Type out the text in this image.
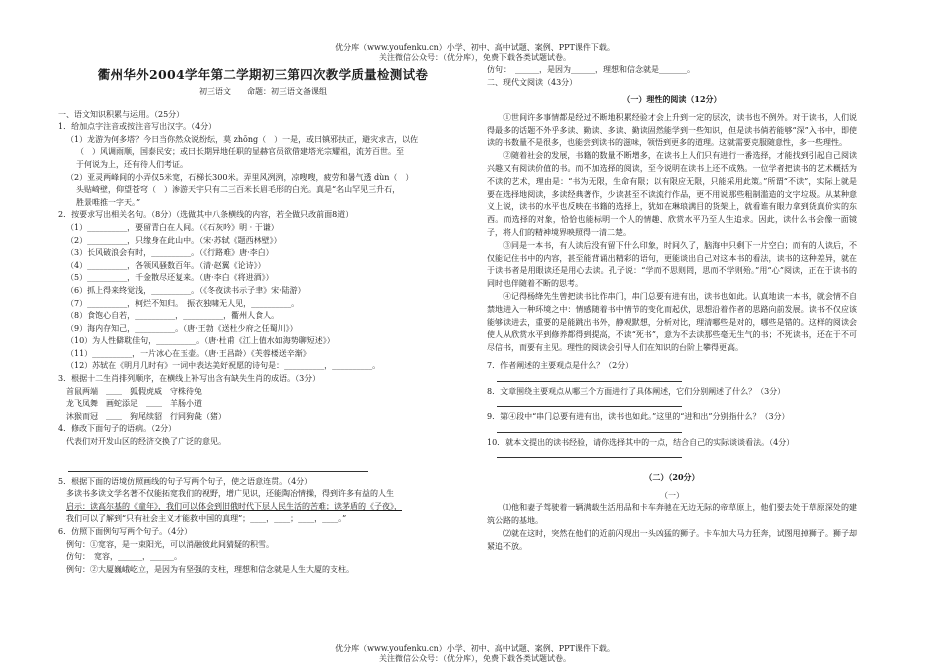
优分库（www.youfenku.cn）小学、初中、高中试题、案例、PPT课件下载。
关注微信公众号：（优分库），免费下载各类试题试卷。
衢州华外2004学年第二学期初三第四次教学质量检测试卷
初三语文　　命题：初三语文备课组
一、语文知识积累与运用。（25分）
1．给加点字注音或按注音写出汉字。（4分）
（1）龙游为何多塔？今日当你然众说纷纭，莫 zhōng（　）一是，或曰镇邪扶正，避灾求吉，以佐
（　）风调雨顺，国泰民安；或曰长期异地任职的显赫官员欲借建塔光宗耀祖，流芳百世。至
于何说为上，还有待人们考证。
（2）亚灵两峰间的小弄仅5米宽，石梯长300米。弄里风冽洌，凉嗖嗖，疲劳和暑气透 dùn（　）
头贴崎壁，仰望苍穹（　）渗游天宇只有二三百米长眉毛形的白光。真是“名山罕见三升石，
胜景唯推一字天。”
2．按要求写出相关名句。（8分）（选做其中八条横线的内容，若全做只改前面8道）
（1）__________，要留青白在人间。（《石灰吟》明 · 于谦）
（2）__________，只缘身在此山中。（宋·苏轼《题西林壁》）
（3）长风破浪会有时，__________。（《行路难》唐·李白）
（4）__________，各领风骚数百年。（清·赵翼《论诗》）
（5）__________，千金散尽还复来。（唐·李白《将进酒》）
（6）抓上得来终觉浅，__________。（《冬夜读书示子聿》宋·陆游）
（7）__________，柯烂不知归。　振衣独啸无人见，__________。
（8）食饱心自若，__________，__________，衢州人食人。
（9）海内存知己，__________。（唐·王勃《送杜少府之任蜀川》）
（10）为人性僻耽佳句，__________。（唐·杜甫《江上值水如海势聊短述》）
（11）__________，一片冰心在玉壶。（唐·王昌龄）《芙蓉楼送辛渐》
（12）苏轼在《明月几时有》一词中表达美好祝愿的诗句是：__________，__________。
3．根据十二生肖排列顺序，在横线上补写出含有缺失生肖的成语。（3分）
首鼠两端　＿＿　狐假虎威　守株待兔
龙飞凤舞　画蛇添足　＿＿　羊肠小道
沐猴而冠　＿＿　狗尾续貂　行同狗彘（猪）
4．修改下面句子的语病。（2分）
代表们对开发山区的经济交换了广泛的意见。
5．根据下面的语境仿照画线的句子写两个句子，使之语意连贯。（4分）
多读书多读文学名著不仅能拓宽我们的视野，增广见识，还能陶冶情操，得到许多有益的人生
启示：读高尔基的《童年》，我们可以体会到旧俄时代下层人民生活的苦难；读茅盾的《子夜》，
我们可以了解到“只有社会主义才能救中国的真理”；____，____；____，____。”
6．仿照下面例句写两个句子。（4分）
例句：①宽容，是一束阳光，可以消融彼此间猜疑的积雪。
仿句：　宽容，______，______。
例句：②大厦巍峨屹立，是因为有坚强的支柱，理想和信念就是人生大厦的支柱。
仿句：　______，是因为______，理想和信念就是_______。
二、现代文阅读（43分）
（一）理性的阅读（12分）
①世间许多事情都是经过不断地积累经验才会上升到一定的层次，读书也不例外。对于读书，人们说得最多的话题不外乎多读、勤读、多读、勤读固然能学到一些知识，但是读书倘若能够“深”入书中，即使读的书数量不是很多，也能尝到读书的滋味，领悟到更多的道理。这就需要克服随意性，多一些理性。
②随着社会的发展，书籍的数量不断增多，在读书上人们只有进行一番选择，才能找到引起自己阅读兴趣又有阅读价值的书。而不加选择的阅读，至今说明在读书上还不成熟。一位学者把读书的艺术概括为不读的艺术，理由是：“书为无限，生命有限；以有限应无限，只能采用此策。”所谓“不读”，实际上就是要在选择地阅读，多读经典著作，少读甚至不读流行作品，更不用说那些粗制滥造的文字垃圾。从某种意义上说，读书的水平也反映在书籍的选择上，犹如在琳琅满目的货架上，就看谁有眼力拿到货真价实的东西。而选择的对象，恰恰也能标明一个人的情趣、欣赏水平乃至人生追求。因此，读什么书会像一面镜子，将人们的精神境界映照得一清二楚。
③同是一本书，有人读后没有留下什么印象，时间久了，脑海中只剩下一片空白；而有的人读后，不仅能记住书中的内容，甚至能背诵出精彩的语句，更能谈出自己对这本书的看法，读书的这种差异，就在于读书者是用眼读还是用心去读。孔子说：“学而不思则罔，思而不学则殆。”用“心”阅读，正在于读书的同时也伴随着不断的思考。
④记得杨绛先生曾把读书比作串门，串门总要有进有出，读书也如此。认真地读一本书，就会情不自禁地进入一种环境之中：情感随着书中情节的变化而起伏，思想沿着作者的思路向前发展。读书不仅应该能够读进去，重要的是能跳出书外，静观默想，分析对比，理清哪些是对的，哪些是错的。这样的阅读会使人从欣赏水平到修养都得到提高，不读“死书”，意为不去读那些毫无生气的书；不死读书，还在于不可尽信书，而要有主见。理性的阅读会引导人们在知识的台阶上攀得更高。
7．作者阐述的主要观点是什么？（2分）
8．文章围绕主要观点从哪三个方面进行了具体阐述，它们分别阐述了什么？（3分）
9．第④段中“串门总要有进有出，读书也如此。”这里的“进和出”分别指什么？（3分）
10．就本文提出的读书经验，请你选择其中的一点，结合自己的实际谈谈看法。（4分）
（二）（20分）
（一）
⑴他和妻子驾驶着一辆满载生活用品和卡车奔驰在无边无际的帝草原上，他们要去处于草原深处的建筑公路的基地。
⑵就在这时，突然在他们的近前闪现出一头凶猛的狮子。卡车加大马力狂奔，试图甩掉狮子。狮子却紧追不放。
优分库（www.youfenku.cn）小学、初中、高中试题、案例、PPT课件下载。
关注微信公众号：（优分库），免费下载各类试题试卷。
